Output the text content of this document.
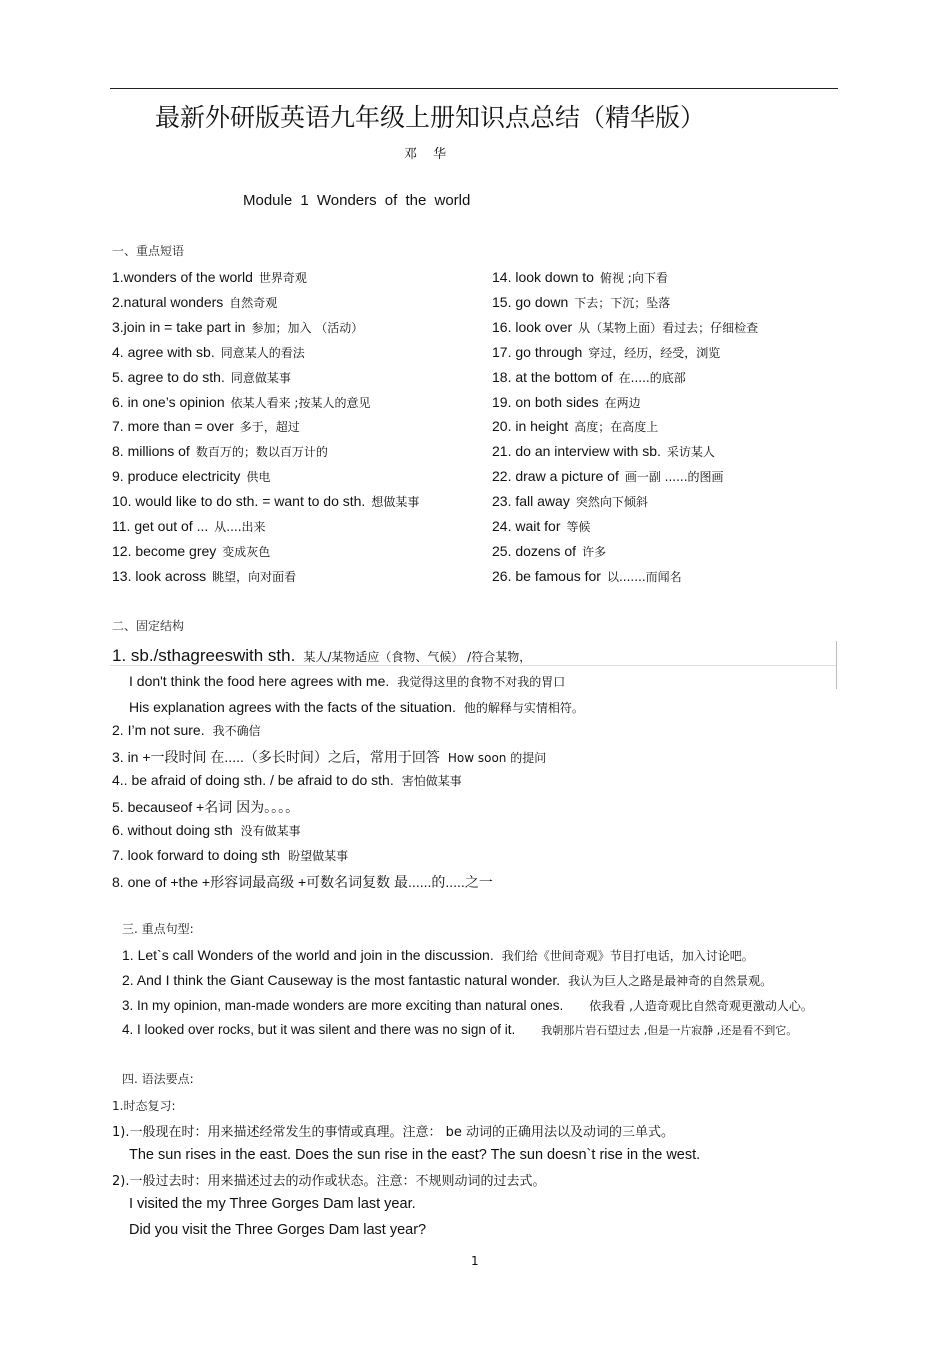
最新外研版英语九年级上册知识点总结（精华版）
邓 华
Module 1 Wonders of the world
一、重点短语
1.wonders of the world 世界奇观
2.natural wonders 自然奇观
3.join in = take part in 参加；加入 （活动）
4. agree with sb. 同意某人的看法
5. agree to do sth. 同意做某事
6. in one’s opinion 依某人看来 ;按某人的意见
7. more than = over 多于，超过
8. millions of 数百万的；数以百万计的
9. produce electricity 供电
10. would like to do sth. = want to do sth. 想做某事
11. get out of ... 从....出来
12. become grey 变成灰色
13. look across 眺望，向对面看
14. look down to 俯视 ;向下看
15. go down 下去；下沉；坠落
16. look over 从（某物上面）看过去；仔细检查
17. go through 穿过，经历，经受，浏览
18. at the bottom of 在.....的底部
19. on both sides 在两边
20. in height 高度；在高度上
21. do an interview with sb. 采访某人
22. draw a picture of 画一副 ......的图画
23. fall away 突然向下倾斜
24. wait for 等候
25. dozens of 许多
26. be famous for 以.......而闻名
二、固定结构
1. sb./sthagreeswith sth. 某人/某物适应（食物、气候） /符合某物，
I don't think the food here agrees with me. 我觉得这里的食物不对我的胃口
His explanation agrees with the facts of the situation. 他的解释与实情相符。
2. I’m not sure. 我不确信
3. in +一段时间 在.....（多长时间）之后，常用于回答 How soon 的提问
4.. be afraid of doing sth. / be afraid to do sth. 害怕做某事
5. becauseof +名词 因为。。。。
6. without doing sth 没有做某事
7. look forward to doing sth 盼望做某事
8. one of +the +形容词最高级 +可数名词复数 最......的.....之一
三. 重点句型:
1. Let`s call Wonders of the world and join in the discussion. 我们给《世间奇观》节目打电话，加入讨论吧。
2. And I think the Giant Causeway is the most fantastic natural wonder. 我认为巨人之路是最神奇的自然景观。
3. In my opinion, man-made wonders are more exciting than natural ones. 依我看 ,人造奇观比自然奇观更激动人心。
4. I looked over rocks, but it was silent and there was no sign of it. 我朝那片岩石望过去 ,但是一片寂静 ,还是看不到它。
四. 语法要点:
1.时态复习:
1).一般现在时：用来描述经常发生的事情或真理。注意： be 动词的正确用法以及动词的三单式。
The sun rises in the east. Does the sun rise in the east? The sun doesn`t rise in the west.
2).一般过去时：用来描述过去的动作或状态。注意：不规则动词的过去式。
I visited the my Three Gorges Dam last year.
Did you visit the Three Gorges Dam last year?
1
